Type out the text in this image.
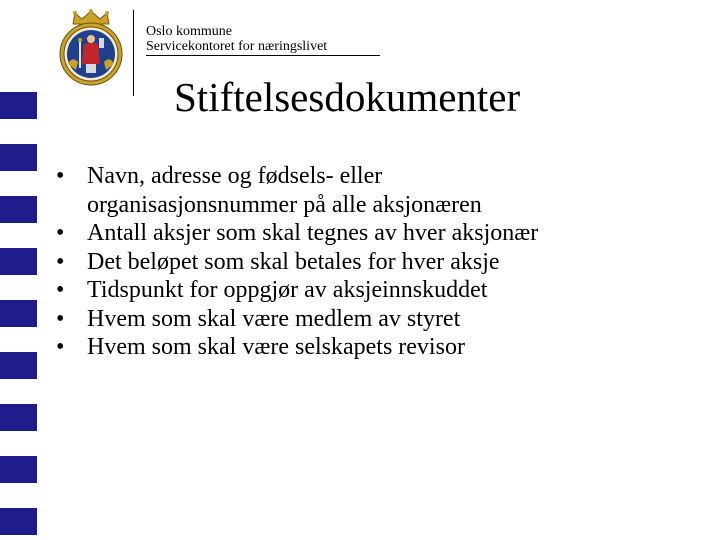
Oslo kommune
Servicekontoret for næringslivet
Stiftelsesdokumenter
• Navn, adresse og fødsels- eller
organisasjonsnummer på alle aksjonæren
• Antall aksjer som skal tegnes av hver aksjonær
• Det beløpet som skal betales for hver aksje
• Tidspunkt for oppgjør av aksjeinnskuddet
• Hvem som skal være medlem av styret
• Hvem som skal være selskapets revisor
